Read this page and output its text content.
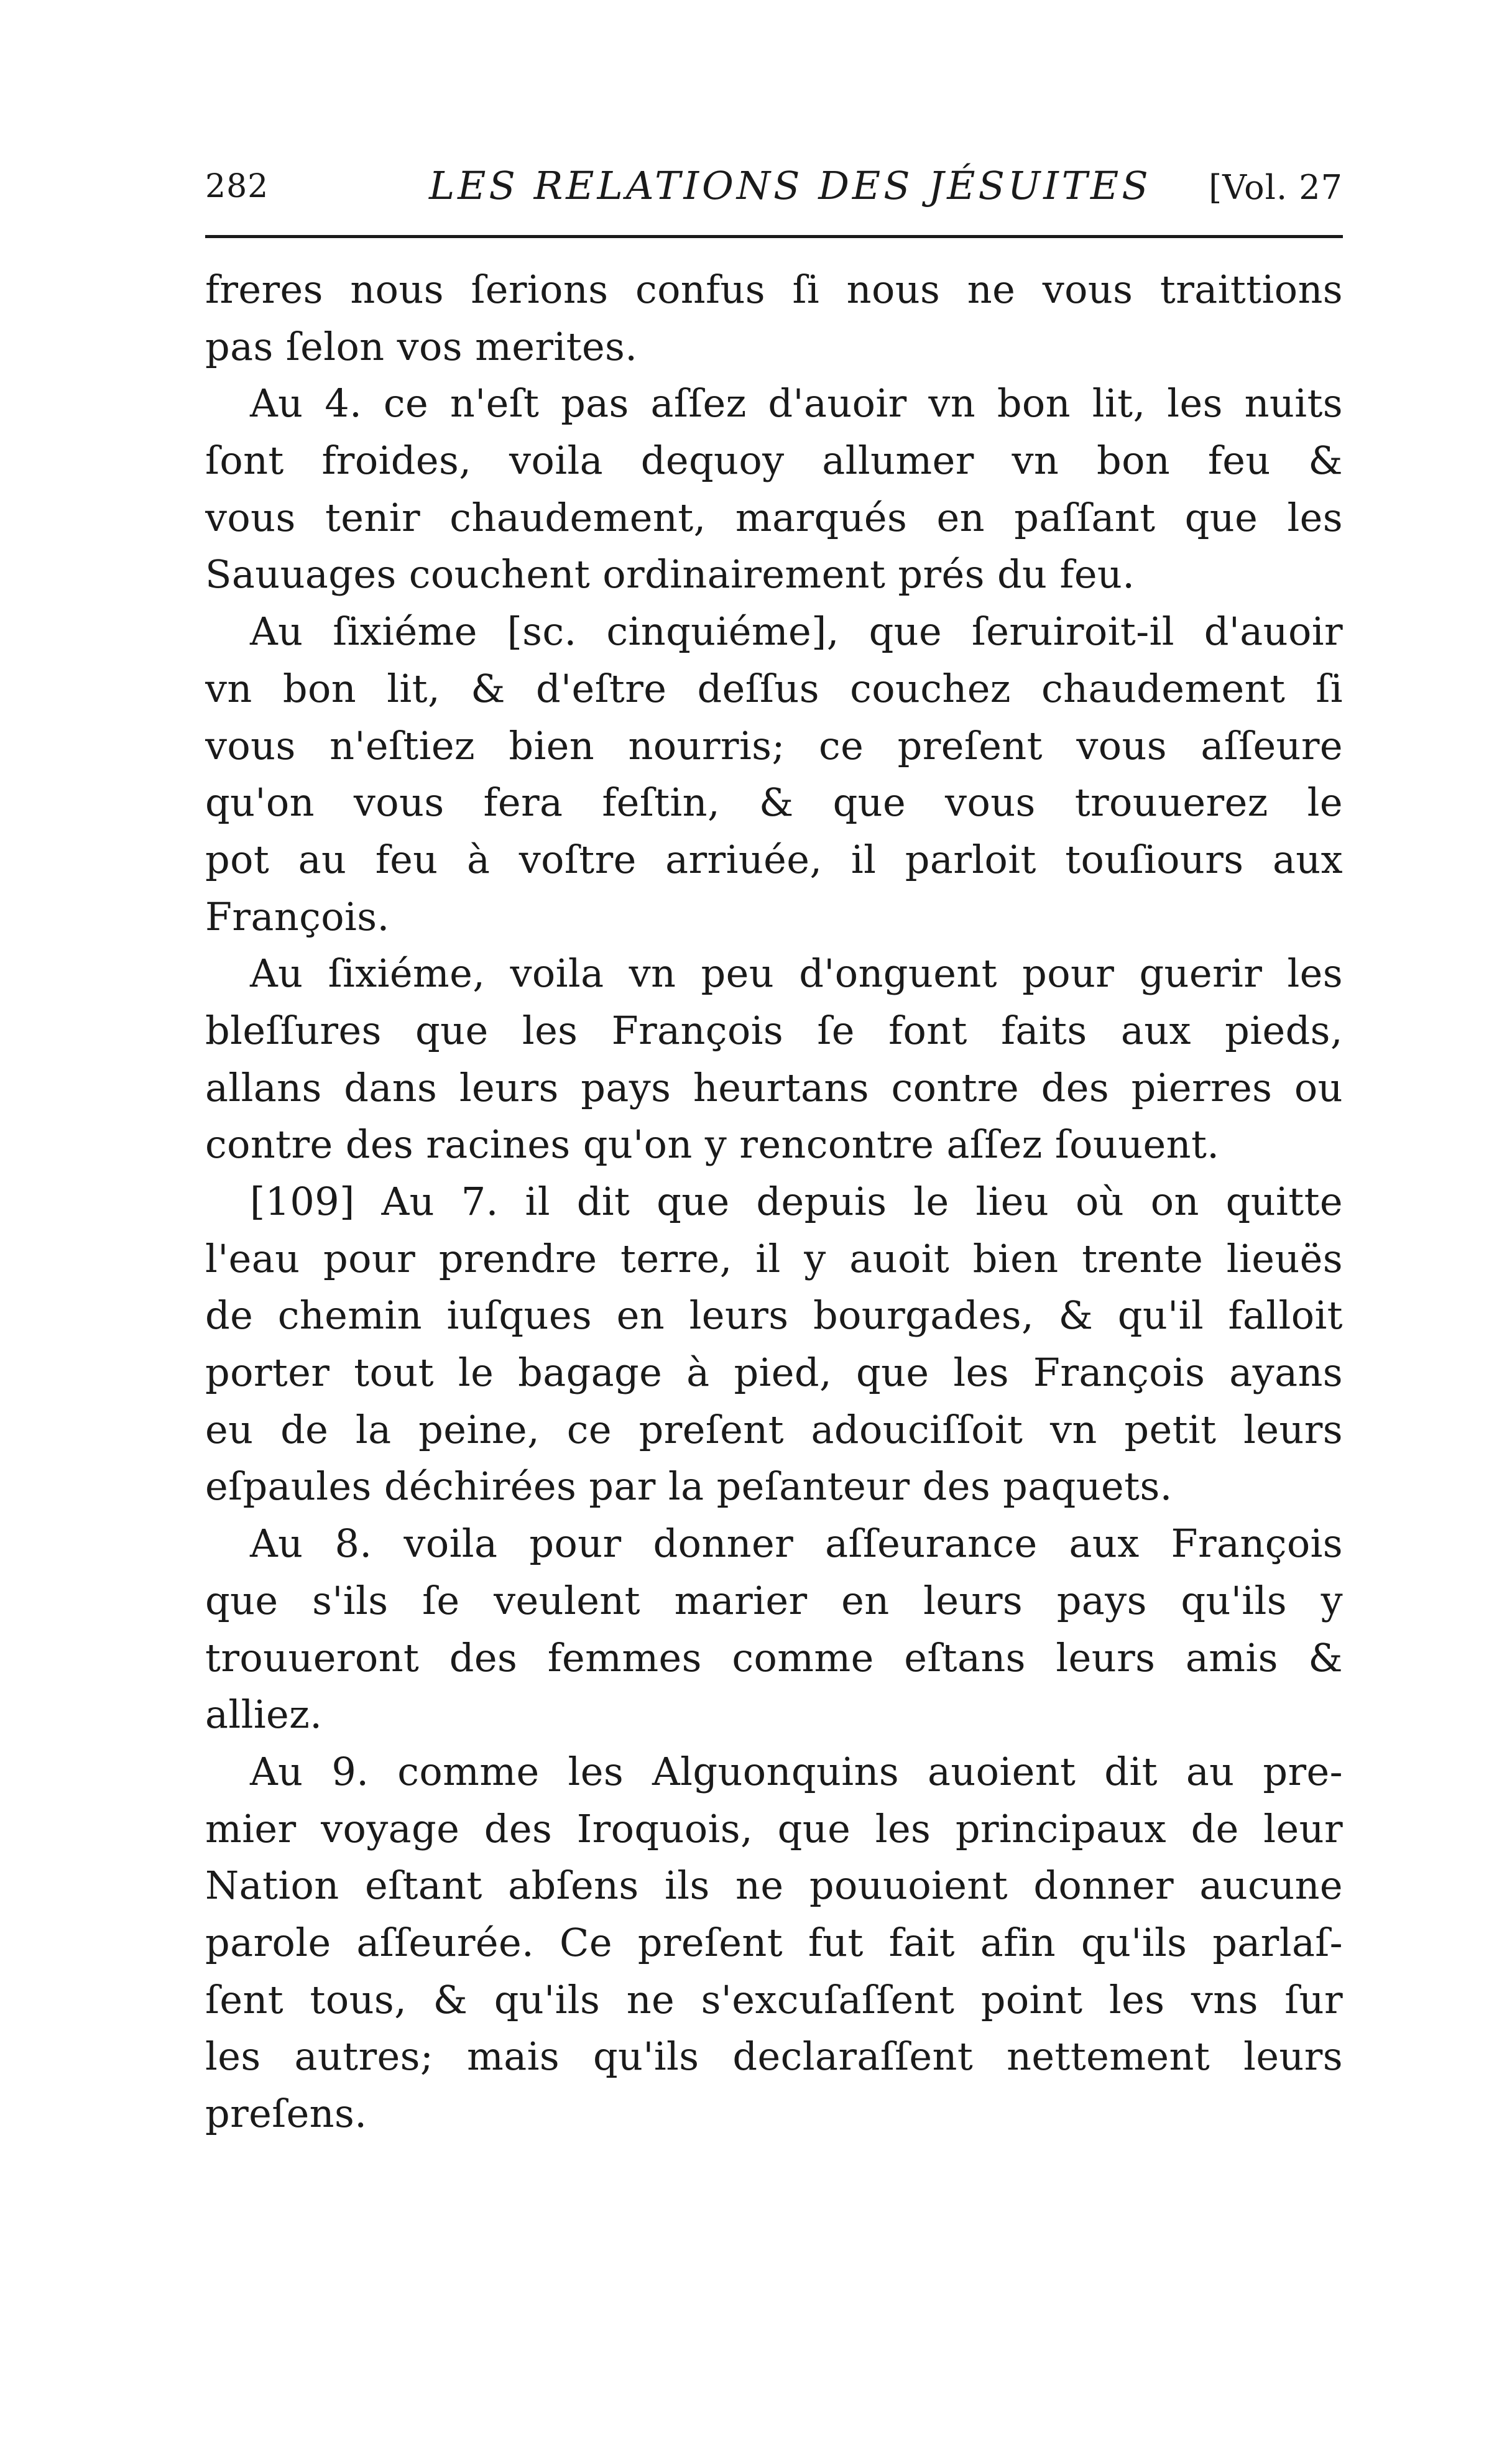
282	LES RELATIONS DES JÉSUITES [Vol. 27
freres nous ſerions confus ſi nous ne vous traittions
pas ſelon vos merites.
Au 4. ce n'eſt pas aſſez d'auoir vn bon lit, les nuits
ſont froides, voila dequoy allumer vn bon feu &
vous tenir chaudement, marqués en paſſant que les
Sauuages couchent ordinairement prés du feu.
Au ſixiéme [sc. cinquiéme], que ſeruiroit-il d'auoir
vn bon lit, & d'eſtre deſſus couchez chaudement ſi
vous n'eſtiez bien nourris; ce preſent vous aſſeure
qu'on vous fera feſtin, & que vous trouuerez le
pot au feu à voſtre arriuée, il parloit touſiours aux
François.
Au ſixiéme, voila vn peu d'onguent pour guerir les
bleſſures que les François ſe font faits aux pieds,
allans dans leurs pays heurtans contre des pierres ou
contre des racines qu'on y rencontre aſſez ſouuent.
[109] Au 7. il dit que depuis le lieu où on quitte
l'eau pour prendre terre, il y auoit bien trente lieuës
de chemin iuſques en leurs bourgades, & qu'il falloit
porter tout le bagage à pied, que les François ayans
eu de la peine, ce preſent adouciſſoit vn petit leurs
eſpaules déchirées par la peſanteur des paquets.
Au 8. voila pour donner aſſeurance aux François
que s'ils ſe veulent marier en leurs pays qu'ils y
trouueront des femmes comme eſtans leurs amis &
alliez.
Au 9. comme les Alguonquins auoient dit au pre-
mier voyage des Iroquois, que les principaux de leur
Nation eſtant abſens ils ne pouuoient donner aucune
parole aſſeurée. Ce preſent fut fait afin qu'ils parlaſ-
ſent tous, & qu'ils ne s'excuſaſſent point les vns ſur
les autres; mais qu'ils declaraſſent nettement leurs
preſens.
